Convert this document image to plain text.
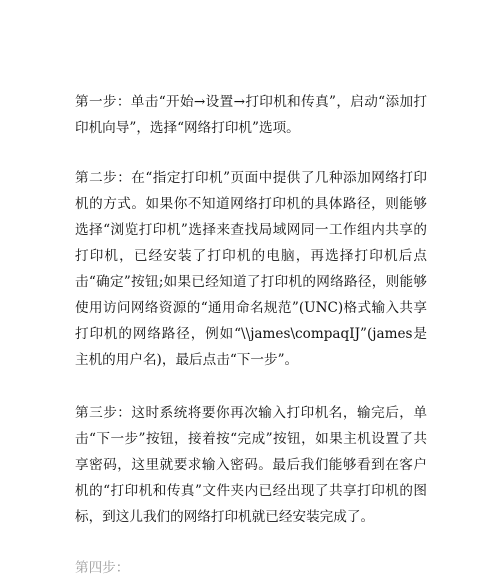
第一步：单击“开始→设置→打印机和传真”，启动“添加打印机向导”，选择“网络打印机”选项。

第二步：在“指定打印机”页面中提供了几种添加网络打印机的方式。如果你不知道网络打印机的具体路径，则能够选择“浏览打印机”选择来查找局域网同一工作组内共享的打印机，已经安装了打印机的电脑，再选择打印机后点击“确定”按钮;如果已经知道了打印机的网络路径，则能够使用访问网络资源的“通用命名规范”(UNC)格式输入共享打印机的网络路径，例如“\\james\compaqIJ”(james是主机的用户名)，最后点击“下一步”。

第三步：这时系统将要你再次输入打印机名，输完后，单击“下一步”按钮，接着按“完成”按钮，如果主机设置了共享密码，这里就要求输入密码。最后我们能够看到在客户机的“打印机和传真”文件夹内已经出现了共享打印机的图标，到这儿我们的网络打印机就已经安装完成了。

第四步：
